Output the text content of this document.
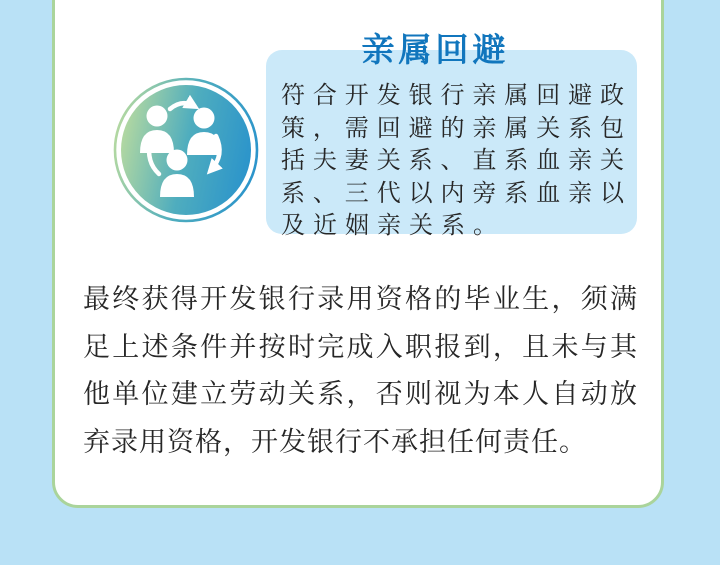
亲属回避
符合开发银行亲属回避政
策，需回避的亲属关系包
括夫妻关系、直系血亲关
系、三代以内旁系血亲以
及近姻亲关系。
最终获得开发银行录用资格的毕业生，须满
足上述条件并按时完成入职报到，且未与其
他单位建立劳动关系，否则视为本人自动放
弃录用资格，开发银行不承担任何责任。
